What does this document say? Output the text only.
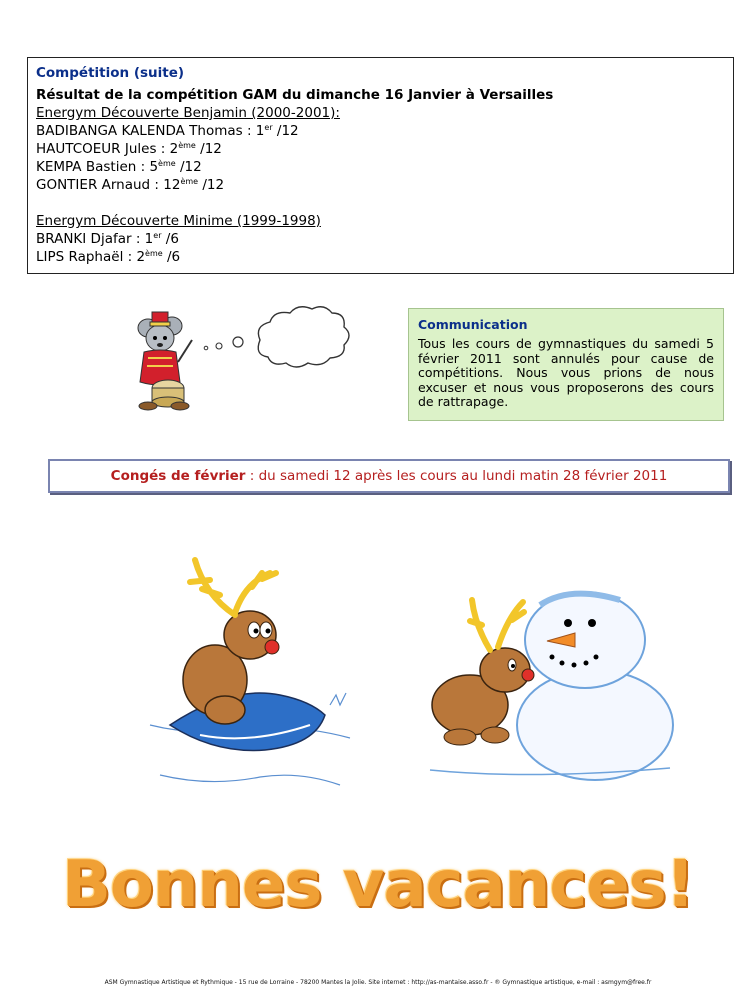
Compétition (suite)
Résultat de la compétition GAM du dimanche 16 Janvier à Versailles
Energym Découverte Benjamin (2000-2001):
BADIBANGA KALENDA Thomas : 1er /12
HAUTCOEUR Jules : 2ème /12
KEMPA Bastien : 5ème /12
GONTIER Arnaud : 12ème /12
Energym Découverte Minime (1999-1998)
BRANKI Djafar : 1er /6
LIPS Raphaël : 2ème /6
Communication
Tous les cours de gymnastiques du samedi 5 février 2011 sont annulés pour cause de compétitions. Nous vous prions de nous excuser et nous vous proposerons des cours de rattrapage.
Congés de février : du samedi 12 après les cours au lundi matin 28 février 2011
Bonnes vacances!
ASM Gymnastique Artistique et Rythmique - 15 rue de Lorraine - 78200 Mantes la Jolie. Site internet : http://as-mantaise.asso.fr - ® Gymnastique artistique, e-mail : asmgym@free.fr
